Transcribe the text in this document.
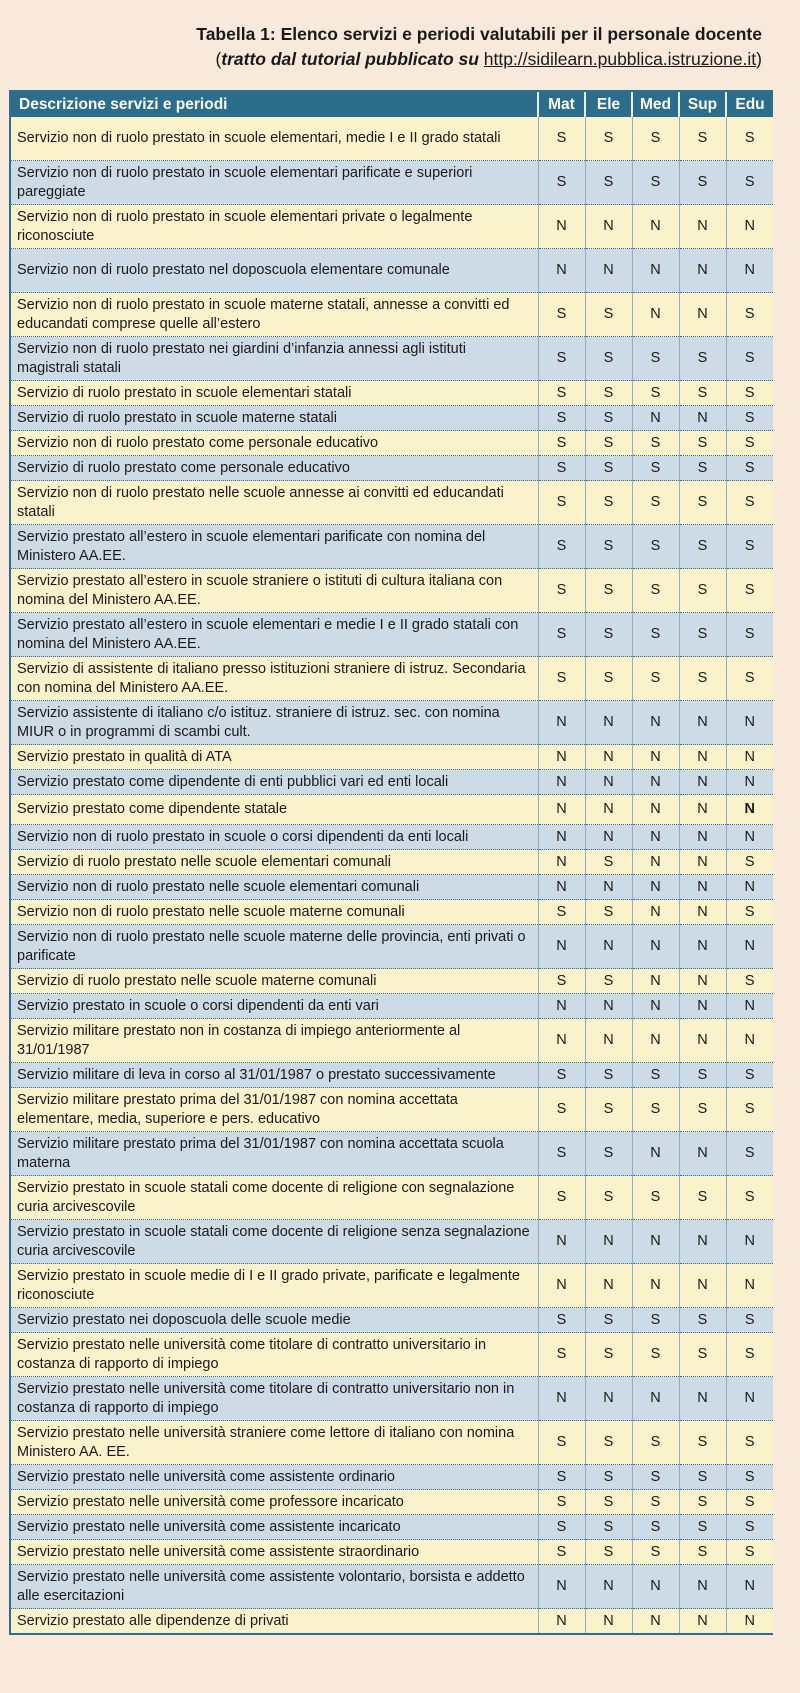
Tabella 1: Elenco servizi e periodi valutabili per il personale docente
(tratto dal tutorial pubblicato su http://sidilearn.pubblica.istruzione.it)
Descrizione servizi e periodi	Mat	Ele	Med	Sup	Edu
Servizio non di ruolo prestato in scuole elementari, medie I e II grado statali	S	S	S	S	S
Servizio non di ruolo prestato in scuole elementari parificate e superiori pareggiate	S	S	S	S	S
Servizio non di ruolo prestato in scuole elementari private o legalmente riconosciute	N	N	N	N	N
Servizio non di ruolo prestato nel doposcuola elementare comunale	N	N	N	N	N
Servizio non di ruolo prestato in scuole materne statali, annesse a convitti ed educandati comprese quelle all’estero	S	S	N	N	S
Servizio non di ruolo prestato nei giardini d’infanzia annessi agli istituti magistrali statali	S	S	S	S	S
Servizio di ruolo prestato in scuole elementari statali	S	S	S	S	S
Servizio di ruolo prestato in scuole materne statali	S	S	N	N	S
Servizio non di ruolo prestato come personale educativo	S	S	S	S	S
Servizio di ruolo prestato come personale educativo	S	S	S	S	S
Servizio non di ruolo prestato nelle scuole annesse ai convitti ed educandati statali	S	S	S	S	S
Servizio prestato all’estero in scuole elementari parificate con nomina del Ministero AA.EE.	S	S	S	S	S
Servizio prestato all’estero in scuole straniere o istituti di cultura italiana con nomina del Ministero AA.EE.	S	S	S	S	S
Servizio prestato all’estero in scuole elementari e medie I e II grado statali con nomina del Ministero AA.EE.	S	S	S	S	S
Servizio di assistente di italiano presso istituzioni straniere di istruz. Secondaria con nomina del Ministero AA.EE.	S	S	S	S	S
Servizio assistente di italiano c/o istituz. straniere di istruz. sec. con nomina MIUR o in programmi di scambi cult.	N	N	N	N	N
Servizio prestato in qualità di ATA	N	N	N	N	N
Servizio prestato come dipendente di enti pubblici vari ed enti locali	N	N	N	N	N
Servizio prestato come dipendente statale	N	N	N	N	N
Servizio non di ruolo prestato in scuole o corsi dipendenti da enti locali	N	N	N	N	N
Servizio di ruolo prestato nelle scuole elementari comunali	N	S	N	N	S
Servizio non di ruolo prestato nelle scuole elementari comunali	N	N	N	N	N
Servizio non di ruolo prestato nelle scuole materne comunali	S	S	N	N	S
Servizio non di ruolo prestato nelle scuole materne delle provincia, enti privati o parificate	N	N	N	N	N
Servizio di ruolo prestato nelle scuole materne comunali	S	S	N	N	S
Servizio prestato in scuole o corsi dipendenti da enti vari	N	N	N	N	N
Servizio militare prestato non in costanza di impiego anteriormente al 31/01/1987	N	N	N	N	N
Servizio militare di leva in corso al 31/01/1987 o prestato successivamente	S	S	S	S	S
Servizio militare prestato prima del 31/01/1987 con nomina accettata elementare, media, superiore e pers. educativo	S	S	S	S	S
Servizio militare prestato prima del 31/01/1987 con nomina accettata scuola materna	S	S	N	N	S
Servizio prestato in scuole statali come docente di religione con segnalazione curia arcivescovile	S	S	S	S	S
Servizio prestato in scuole statali come docente di religione senza segnalazione curia arcivescovile	N	N	N	N	N
Servizio prestato in scuole medie di I e II grado private, parificate e legalmente riconosciute	N	N	N	N	N
Servizio prestato nei doposcuola delle scuole medie	S	S	S	S	S
Servizio prestato nelle università come titolare di contratto universitario in costanza di rapporto di impiego	S	S	S	S	S
Servizio prestato nelle università come titolare di contratto universitario non in costanza di rapporto di impiego	N	N	N	N	N
Servizio prestato nelle università straniere come lettore di italiano con nomina Ministero AA. EE.	S	S	S	S	S
Servizio prestato nelle università come assistente ordinario	S	S	S	S	S
Servizio prestato nelle università come professore incaricato	S	S	S	S	S
Servizio prestato nelle università come assistente incaricato	S	S	S	S	S
Servizio prestato nelle università come assistente straordinario	S	S	S	S	S
Servizio prestato nelle università come assistente volontario, borsista e addetto alle esercitazioni	N	N	N	N	N
Servizio prestato alle dipendenze di privati	N	N	N	N	N
